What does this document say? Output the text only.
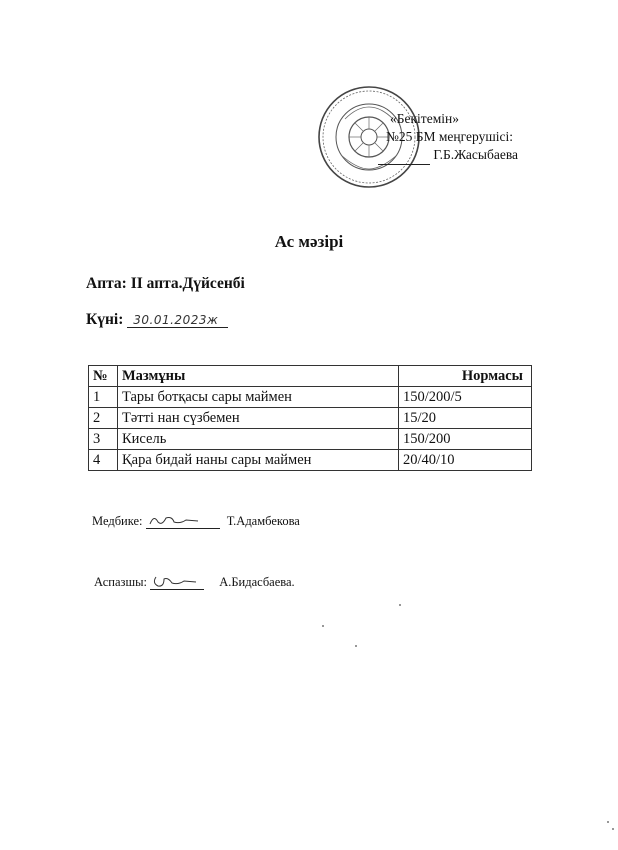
«Бекітемін»
№25 БМ меңгерушісі:
Г.Б.Жасыбаева
Ас мәзірі
Апта: II апта.Дүйсенбі
Күні: 30.01.2023ж
№	Мазмұны	Нормасы
1	Тары ботқасы сары маймен	150/200/5
2	Тәтті нан сүзбемен	15/20
3	Кисель	150/200
4	Қара бидай наны сары маймен	20/40/10
Медбике:	Т.Адамбекова
Аспазшы:	А.Бидасбаева.
